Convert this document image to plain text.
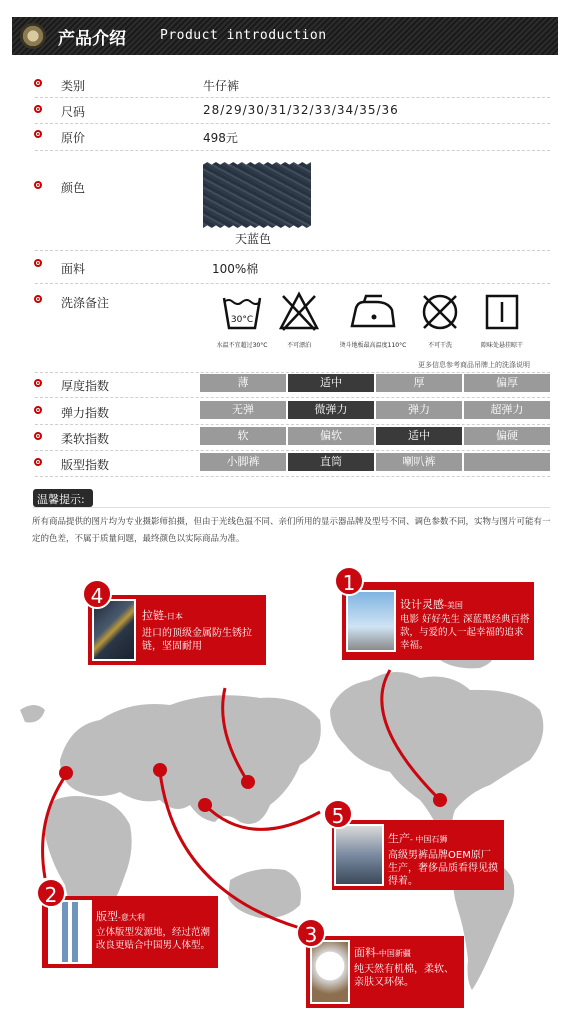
产品介绍	Product introduction
类别	牛仔裤
尺码	28/29/30/31/32/33/34/35/36
原价	498元
颜色
天蓝色
面料	100%棉
洗涤备注
30°C
水温不宜超过30°C	不可漂泊	烫斗地板最高温度110°C	不可干洗	隙味处悬挂晾干
更多信息参考商品吊牌上的洗涤说明
厚度指数	薄	适中	厚	偏厚
弹力指数	无弹	微弹力	弹力	超弹力
柔软指数	软	偏软	适中	偏硬
版型指数	小脚裤	直筒	喇叭裤
温馨提示:
所有商品提供的图片均为专业摄影师拍摄，但由于光线色温不同、亲们所用的显示器品牌及型号不同、调色参数不同，实物与图片可能有一定的色差，不属于质量问题，最终颜色以实际商品为准。
拉链-日本
进口的顶级金属防生锈拉链，坚固耐用
4	设计灵感-美国
电影 好好先生 深蓝黑经典百搭款，与爱的人一起幸福的追求幸福。
1
生产- 中国石狮
高级男裤品牌OEM原厂生产，奢侈品质看得见摸得着。
5
版型-意大利
立体版型发源地，经过范潮改良更贴合中国男人体型。
2
面料-中国新疆
纯天然有机棉，柔软、亲肤又环保。
3
